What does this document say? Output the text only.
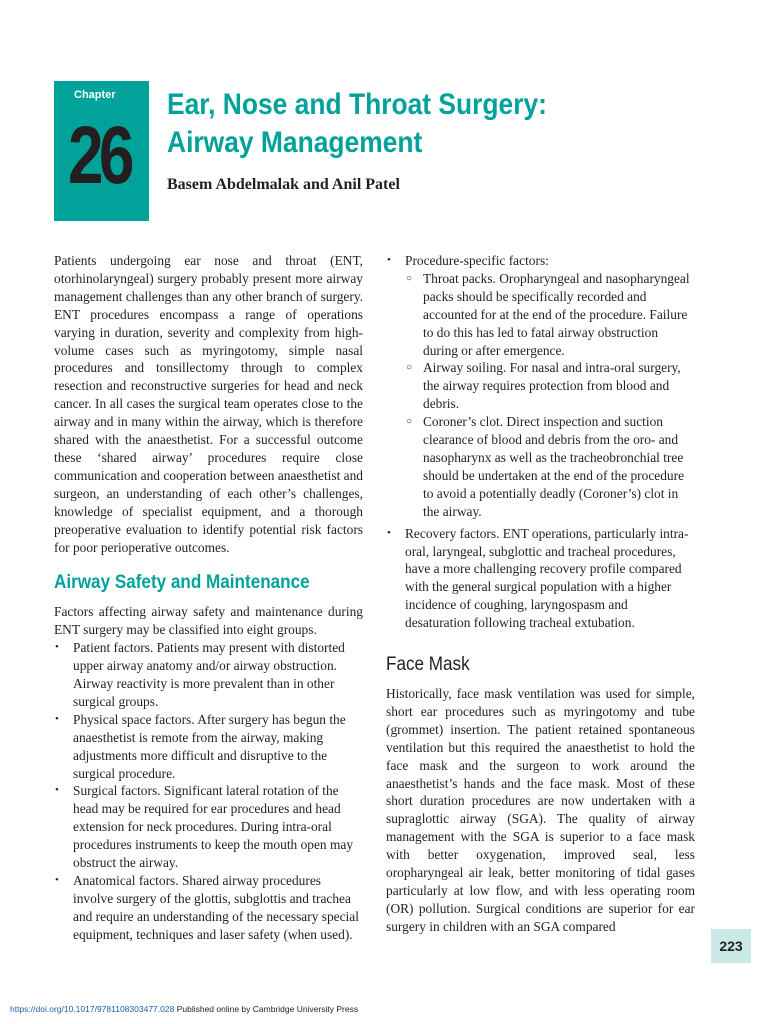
Chapter
26
Ear, Nose and Throat Surgery:
Airway Management
Basem Abdelmalak and Anil Patel

Patients undergoing ear nose and throat (ENT, otorhinolaryngeal) surgery probably present more airway management challenges than any other branch of surgery. ENT procedures encompass a range of operations varying in duration, severity and complexity from high-volume cases such as myringotomy, simple nasal procedures and tonsillectomy through to complex resection and reconstructive surgeries for head and neck cancer. In all cases the surgical team operates close to the airway and in many within the airway, which is therefore shared with the anaesthetist. For a successful outcome these ‘shared airway’ procedures require close communication and cooperation between anaesthetist and surgeon, an understanding of each other’s challenges, knowledge of specialist equipment, and a thorough preoperative evaluation to identify potential risk factors for poor perioperative outcomes.

Airway Safety and Maintenance

Factors affecting airway safety and maintenance during ENT surgery may be classified into eight groups.

• Patient factors. Patients may present with distorted upper airway anatomy and/or airway obstruction. Airway reactivity is more prevalent than in other surgical groups.
• Physical space factors. After surgery has begun the anaesthetist is remote from the airway, making adjustments more difficult and disruptive to the surgical procedure.
• Surgical factors. Significant lateral rotation of the head may be required for ear procedures and head extension for neck procedures. During intra-oral procedures instruments to keep the mouth open may obstruct the airway.
• Anatomical factors. Shared airway procedures involve surgery of the glottis, subglottis and trachea and require an understanding of the necessary special equipment, techniques and laser safety (when used).
• Procedure-specific factors:
○ Throat packs. Oropharyngeal and nasopharyngeal packs should be specifically recorded and accounted for at the end of the procedure. Failure to do this has led to fatal airway obstruction during or after emergence.
○ Airway soiling. For nasal and intra-oral surgery, the airway requires protection from blood and debris.
○ Coroner’s clot. Direct inspection and suction clearance of blood and debris from the oro- and nasopharynx as well as the tracheobronchial tree should be undertaken at the end of the procedure to avoid a potentially deadly (Coroner’s) clot in the airway.
• Recovery factors. ENT operations, particularly intra-oral, laryngeal, subglottic and tracheal procedures, have a more challenging recovery profile compared with the general surgical population with a higher incidence of coughing, laryngospasm and desaturation following tracheal extubation.
Face Mask

Historically, face mask ventilation was used for simple, short ear procedures such as myringotomy and tube (grommet) insertion. The patient retained spontaneous ventilation but this required the anaesthetist to hold the face mask and the surgeon to work around the anaesthetist’s hands and the face mask. Most of these short duration procedures are now undertaken with a supraglottic airway (SGA). The quality of airway management with the SGA is superior to a face mask with better oxygenation, improved seal, less oropharyngeal air leak, better monitoring of tidal gases particularly at low flow, and with less operating room (OR) pollution. Surgical conditions are superior for ear surgery in children with an SGA compared

223
https://doi.org/10.1017/9781108303477.028 Published online by Cambridge University Press
